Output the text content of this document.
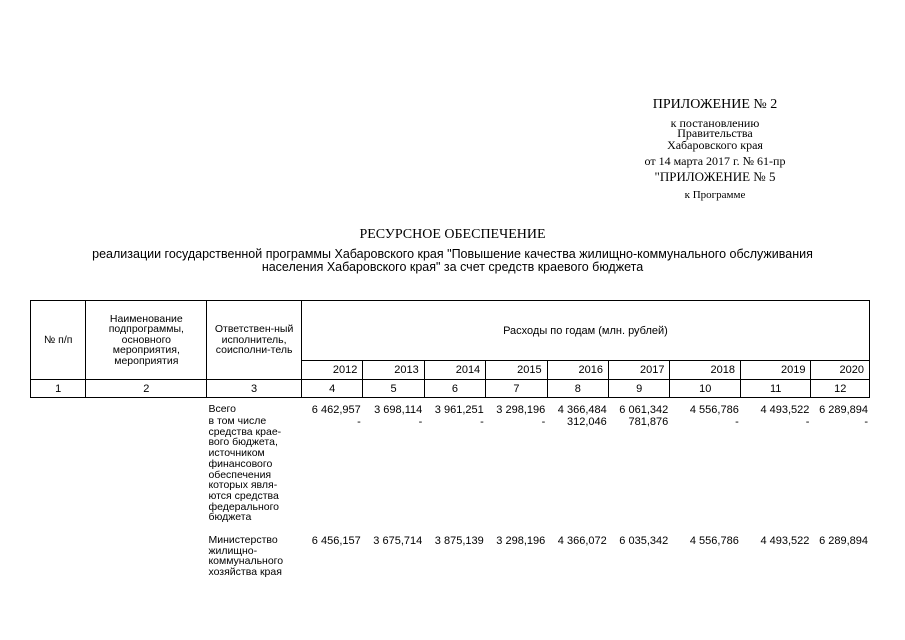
ПРИЛОЖЕНИЕ № 2
к постановлению
Правительства
Хабаровского края
от 14 марта 2017 г. № 61-пр
"ПРИЛОЖЕНИЕ № 5
к Программе
РЕСУРСНОЕ ОБЕСПЕЧЕНИЕ
реализации государственной программы Хабаровского края "Повышение качества жилищно-коммунального обслуживания
населения Хабаровского края" за счет средств краевого бюджета
№ п/п	Наименование подпрограммы, основного мероприятия, мероприятия	Ответствен-ный исполнитель, соисполни-тель	Расходы по годам (млн. рублей)								
			2012	2013	2014	2015	2016	2017	2018	2019	2020
1	2	3	4	5	6	7	8	9	10	11	12
		Всего	6 462,957	3 698,114	3 961,251	3 298,196	4 366,484	6 061,342	4 556,786	4 493,522	6 289,894
		в том числе средства крае-вого бюджета, источником финансового обеспечения которых явля-ются средства федерального бюджета	-	-	-	-	312,046	781,876	-	-	-

		Министерство жилищно-коммунального хозяйства края	6 456,157	3 675,714	3 875,139	3 298,196	4 366,072	6 035,342	4 556,786	4 493,522	6 289,894
